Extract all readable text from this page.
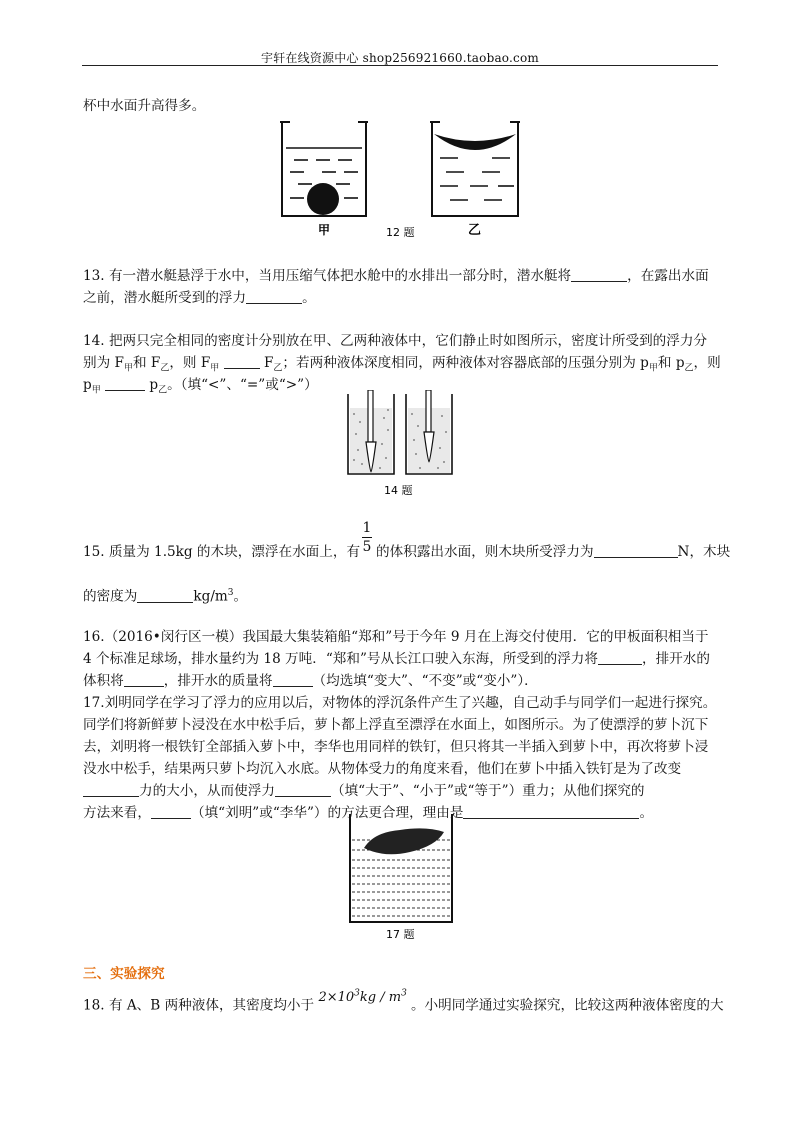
宇轩在线资源中心 shop256921660.taobao.com
杯中水面升高得多。
甲	12 题	乙
13. 有一潜水艇悬浮于水中，当用压缩气体把水舱中的水排出一部分时，潜水艇将	，在露出水面
之前，潜水艇所受到的浮力	。
14. 把两只完全相同的密度计分别放在甲、乙两种液体中，它们静止时如图所示，密度计所受到的浮力分
别为 $F_甲$和 $F_乙$，则 $F_甲$	$F_乙$；若两种液体深度相同，两种液体对容器底部的压强分别为 $p_甲$和 $p_乙$，则
$p_甲$	$p_乙$。（填“<”、“=”或“>”）
14 题
1
5
15. 质量为 1.5kg 的木块，漂浮在水面上，有 的体积露出水面，则木块所受浮力为	N，木块
的密度为	$kg/m^3$。
16.（2016•闵行区一模）我国最大集装箱船“郑和”号于今年 9 月在上海交付使用．它的甲板面积相当于
4 个标准足球场，排水量约为 18 万吨．“郑和”号从长江口驶入东海，所受到的浮力将	，排开水的
体积将	，排开水的质量将	（均选填“变大”、“不变”或“变小”）．
17.刘明同学在学习了浮力的应用以后，对物体的浮沉条件产生了兴趣，自己动手与同学们一起进行探究。
同学们将新鲜萝卜浸没在水中松手后，萝卜都上浮直至漂浮在水面上，如图所示。为了使漂浮的萝卜沉下
去，刘明将一根铁钉全部插入萝卜中，李华也用同样的铁钉，但只将其一半插入到萝卜中，再次将萝卜浸
没水中松手，结果两只萝卜均沉入水底。从物体受力的角度来看，他们在萝卜中插入铁钉是为了改变
力的大小，从而使浮力	（填“大于”、“小于”或“等于”）重力；从他们探究的
方法来看，	（填“刘明”或“李华”）的方法更合理，理由是	。
17 题
三、实验探究
18. 有 A、B 两种液体，其密度均小于 $2\times 10^3kg / m^3$ 。小明同学通过实验探究，比较这两种液体密度的大
